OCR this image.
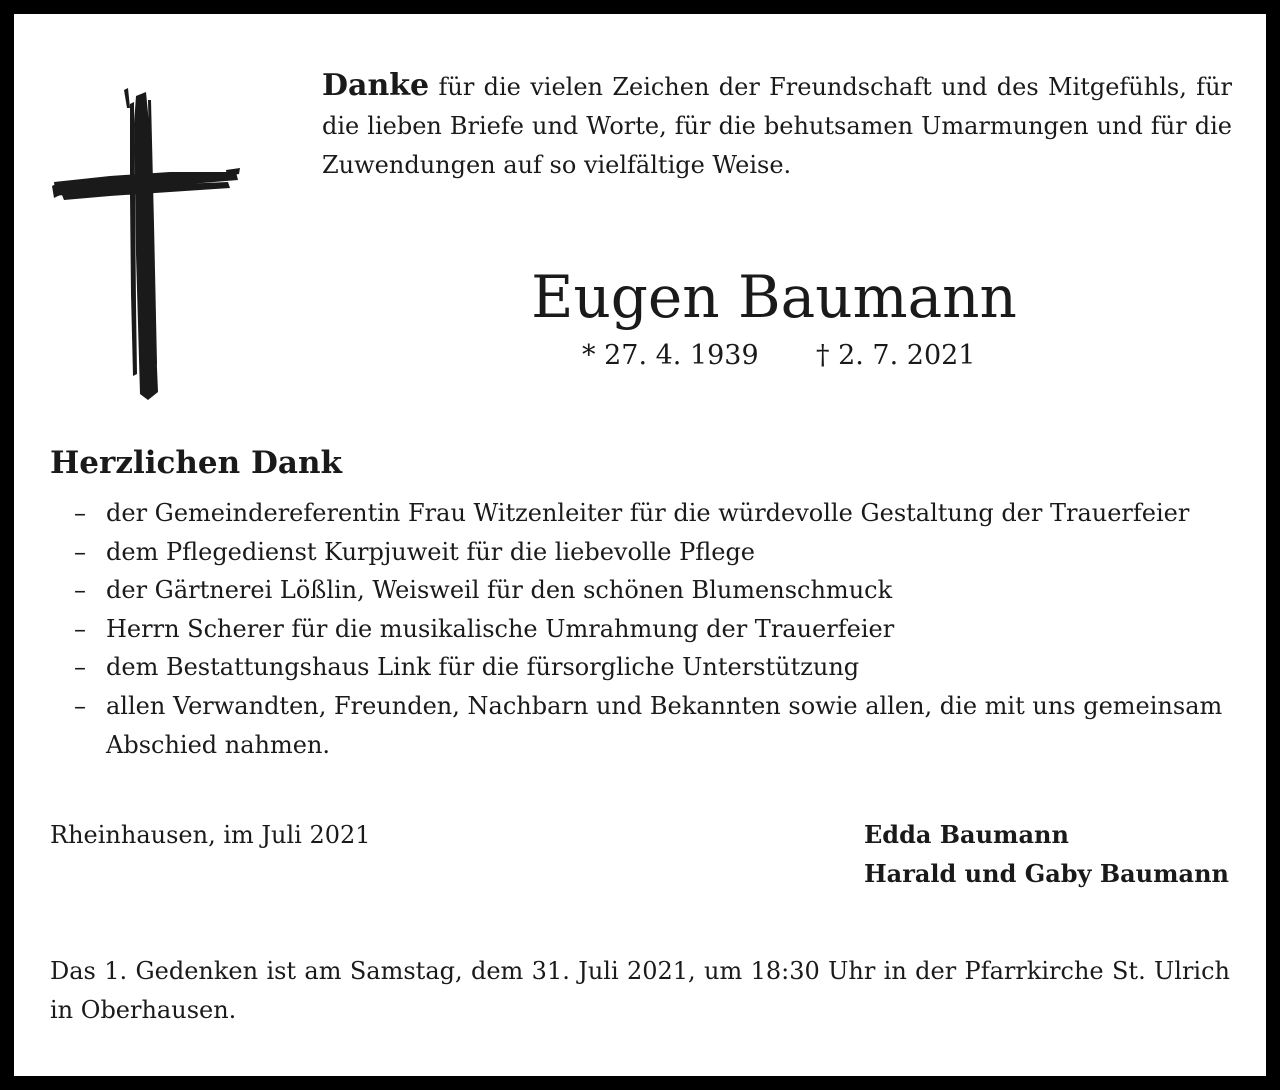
Danke für die vielen Zeichen der Freundschaft und des Mitgefühls, für die lieben Briefe und Worte, für die behutsamen Umarmungen und für die Zuwendungen auf so vielfältige Weise.
Eugen Baumann
* 27. 4. 1939 † 2. 7. 2021
Herzlichen Dank
– der Gemeindereferentin Frau Witzenleiter für die würdevolle Gestaltung der Trauerfeier
– dem Pflegedienst Kurpjuweit für die liebevolle Pflege
– der Gärtnerei Lößlin, Weisweil für den schönen Blumenschmuck
– Herrn Scherer für die musikalische Umrahmung der Trauerfeier
– dem Bestattungshaus Link für die fürsorgliche Unterstützung
– allen Verwandten, Freunden, Nachbarn und Bekannten sowie allen, die mit uns gemeinsam Abschied nahmen.
Rheinhausen, im Juli 2021	Edda Baumann
Harald und Gaby Baumann
Das 1. Gedenken ist am Samstag, dem 31. Juli 2021, um 18:30 Uhr in der Pfarrkirche St. Ulrich in Oberhausen.
